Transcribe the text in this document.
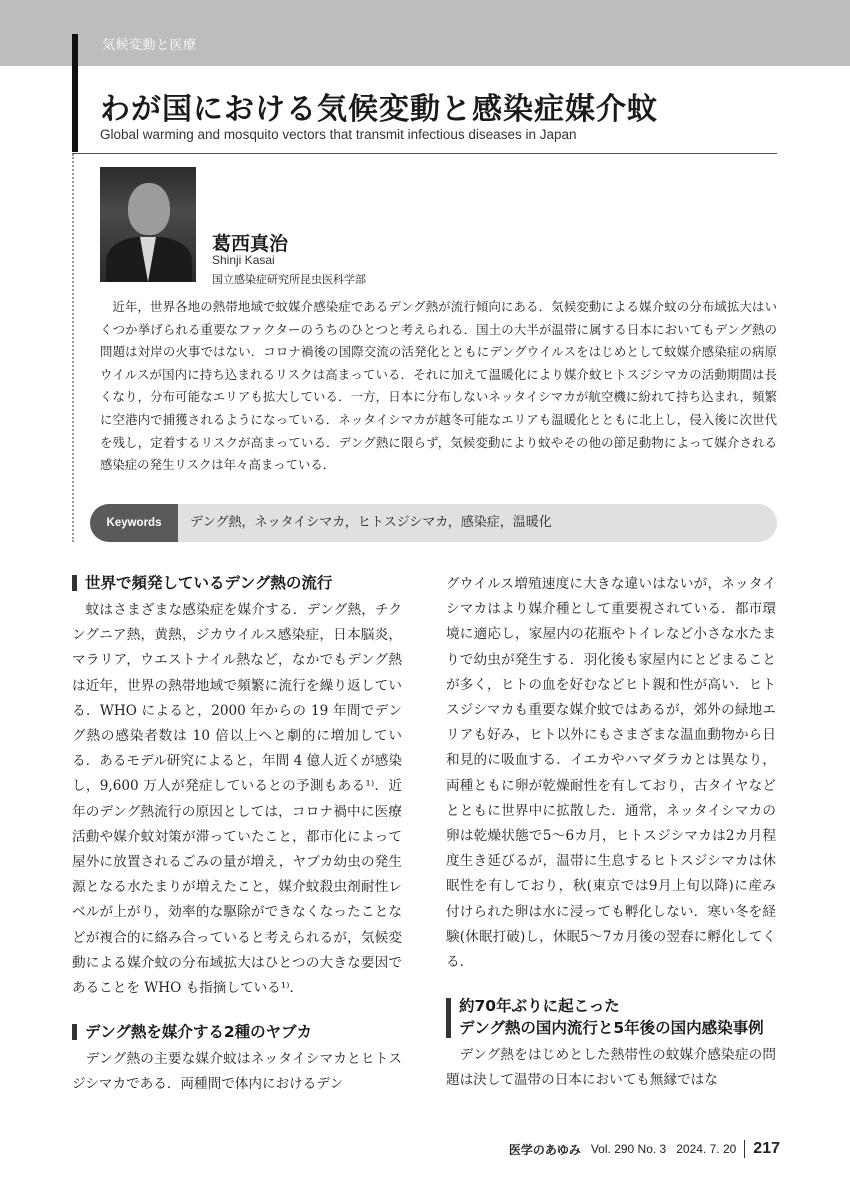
気候変動と医療
わが国における気候変動と感染症媒介蚊
Global warming and mosquito vectors that transmit infectious diseases in Japan
葛西真治
Shinji Kasai
国立感染症研究所昆虫医科学部

近年，世界各地の熱帯地域で蚊媒介感染症であるデング熱が流行傾向にある．気候変動による媒介蚊の分布域拡大はいくつか挙げられる重要なファクターのうちのひとつと考えられる．国土の大半が温帯に属する日本においてもデング熱の問題は対岸の火事ではない．コロナ禍後の国際交流の活発化とともにデングウイルスをはじめとして蚊媒介感染症の病原ウイルスが国内に持ち込まれるリスクは高まっている．それに加えて温暖化により媒介蚊ヒトスジシマカの活動期間は長くなり，分布可能なエリアも拡大している．一方，日本に分布しないネッタイシマカが航空機に紛れて持ち込まれ，頻繁に空港内で捕獲されるようになっている．ネッタイシマカが越冬可能なエリアも温暖化とともに北上し，侵入後に次世代を残し，定着するリスクが高まっている．デング熱に限らず，気候変動により蚊やその他の節足動物によって媒介される感染症の発生リスクは年々高まっている．

Keywords	デング熱，ネッタイシマカ，ヒトスジシマカ，感染症，温暖化
世界で頻発しているデング熱の流行

蚊はさまざまな感染症を媒介する．デング熱，チクングニア熱，黄熱，ジカウイルス感染症，日本脳炎，マラリア，ウエストナイル熱など，なかでもデング熱は近年，世界の熱帯地域で頻繁に流行を繰り返している．WHO によると，2000 年からの 19 年間でデング熱の感染者数は 10 倍以上へと劇的に増加している．あるモデル研究によると，年間 4 億人近くが感染し，9,600 万人が発症しているとの予測もある¹⁾．近年のデング熱流行の原因としては，コロナ禍中に医療活動や媒介蚊対策が滞っていたこと，都市化によって屋外に放置されるごみの量が増え，ヤブカ幼虫の発生源となる水たまりが増えたこと，媒介蚊殺虫剤耐性レベルが上がり，効率的な駆除ができなくなったことなどが複合的に絡み合っていると考えられるが，気候変動による媒介蚊の分布域拡大はひとつの大きな要因であることを WHO も指摘している¹⁾．

デング熱を媒介する2種のヤブカ

デング熱の主要な媒介蚊はネッタイシマカとヒトスジシマカである．両種間で体内におけるデン

グウイルス増殖速度に大きな違いはないが，ネッタイシマカはより媒介種として重要視されている．都市環境に適応し，家屋内の花瓶やトイレなど小さな水たまりで幼虫が発生する．羽化後も家屋内にとどまることが多く，ヒトの血を好むなどヒト親和性が高い．ヒトスジシマカも重要な媒介蚊ではあるが，郊外の緑地エリアも好み，ヒト以外にもさまざまな温血動物から日和見的に吸血する．イエカやハマダラカとは異なり，両種ともに卵が乾燥耐性を有しており，古タイヤなどとともに世界中に拡散した．通常，ネッタイシマカの卵は乾燥状態で5〜6カ月，ヒトスジシマカは2カ月程度生き延びるが，温帯に生息するヒトスジシマカは休眠性を有しており，秋(東京では9月上旬以降)に産み付けられた卵は水に浸っても孵化しない．寒い冬を経験(休眠打破)し，休眠5〜7カ月後の翌春に孵化してくる．

約70年ぶりに起こった
デング熱の国内流行と5年後の国内感染事例

デング熱をはじめとした熱帯性の蚊媒介感染症の問題は決して温帯の日本においても無縁ではな

医学のあゆみ Vol. 290 No. 3 2024. 7. 20 217
